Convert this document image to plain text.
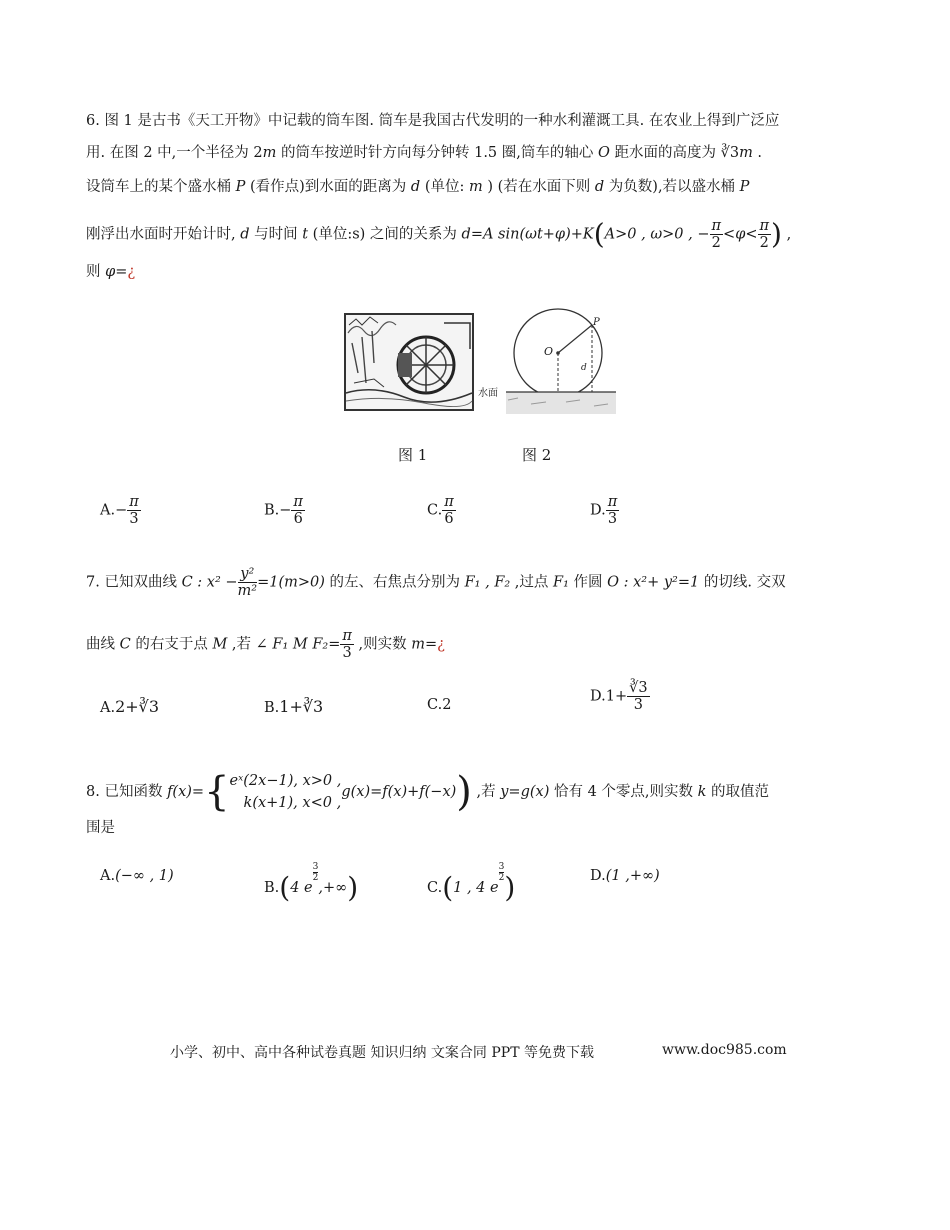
6. 图 1 是古书《天工开物》中记载的筒车图. 筒车是我国古代发明的一种水利灌溉工具. 在农业上得到广泛应
用. 在图 2 中,一个半径为 2m 的筒车按逆时针方向每分钟转 1.5 圈,筒车的轴心 O 距水面的高度为 ∛3m .
设筒车上的某个盛水桶 P (看作点)到水面的距离为 d (单位: m ) (若在水面下则 d 为负数),若以盛水桶 P
刚浮出水面时开始计时, d 与时间 t (单位:s) 之间的关系为 d=A sin(ωt+φ)+K(A>0 , ω>0 , − $\frac{\pi}{2} <\varphi< \frac{\pi}{2}$ ) ,
则 φ=¿
O
P
d
水面
图 1	图 2
$A.- \frac{\pi}{3}$	$B.- \frac{\pi}{6}$	C. $\frac{\pi}{6}$	D. $\frac{\pi}{3}$
7. 已知双曲线 C : $x^2 - \frac{\text{y²}}{\text{m²}} =1(m>0)$ 的左、右焦点分别为 F₁ , F₂ ,过点 F₁ 作圆 O : x²+ y²=1 的切线. 交双
曲线 C 的右支于点 M ,若 ∠ F₁ M $F_2= \frac{\pi}{3}$ ,则实数 m=¿
A.2+∛3	B.1+∛3	C.2
$D.1+ \frac{∛3}{3}$
8. 已知函数 f(x)={ eˣ(2x−1), x>0 ,
k(x+1), x<0 ,
g(x)=f(x)+f(−x)) ,若 y=g(x) 恰有 4 个零点,则实数 k 的取值范
围是
A.(−∞ , 1)
B.(4 e
$\frac{3}{2}$
,+∞)	C.(1 , 4 e
$\frac{3}{2}$ )	D.(1 ,+∞)
小学、初中、高中各种试卷真题 知识归纳 文案合同 PPT 等免费下载	www.doc985.com
